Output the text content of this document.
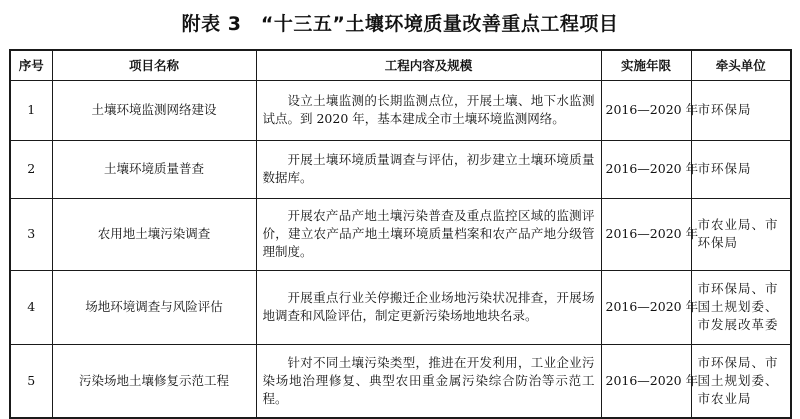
附表 3　“十三五”土壤环境质量改善重点工程项目
序号	项目名称	工程内容及规模	实施年限	牵头单位
1	土壤环境监测网络建设	设立土壤监测的长期监测点位，开展土壤、地下水监测试点。到 2020 年，基本建成全市土壤环境监测网络。	2016—2020 年	市环保局
2	土壤环境质量普查	开展土壤环境质量调查与评估，初步建立土壤环境质量数据库。	2016—2020 年	市环保局
3	农用地土壤污染调查	开展农产品产地土壤污染普查及重点监控区域的监测评价，建立农产品产地土壤环境质量档案和农产品产地分级管理制度。	2016—2020 年	市农业局、市环保局
4	场地环境调查与风险评估	开展重点行业关停搬迁企业场地污染状况排查，开展场地调查和风险评估，制定更新污染场地地块名录。	2016—2020 年	市环保局、市国土规划委、市发展改革委
5	污染场地土壤修复示范工程	针对不同土壤污染类型，推进在开发利用，工业企业污染场地治理修复、典型农田重金属污染综合防治等示范工程。	2016—2020 年	市环保局、市国土规划委、市农业局
